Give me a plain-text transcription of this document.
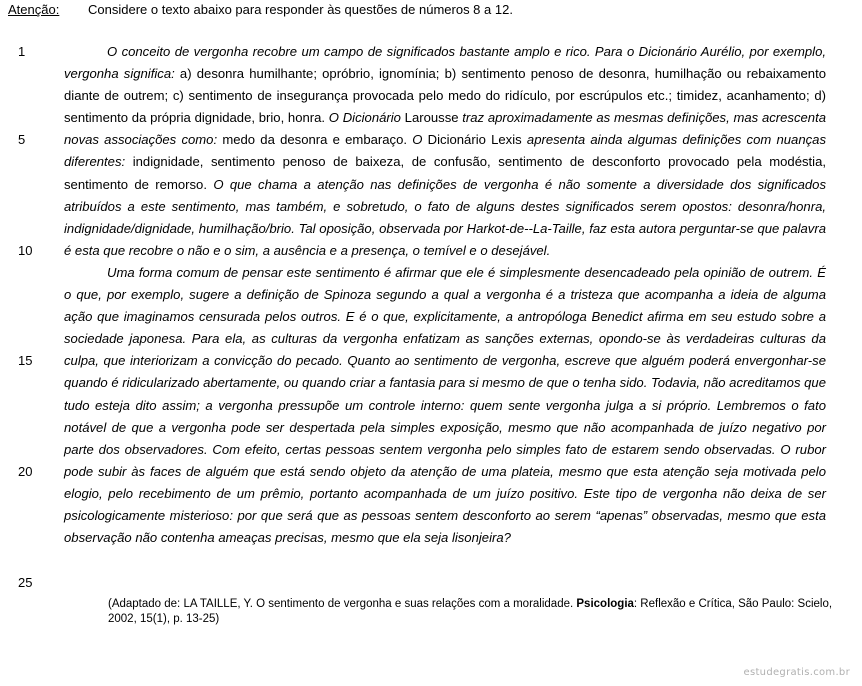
Atenção: Considere o texto abaixo para responder às questões de números 8 a 12.
1
5
10
15
20
25

O conceito de vergonha recobre um campo de significados bastante amplo e rico. Para o Dicionário Aurélio, por exemplo, vergonha significa: a) desonra humilhante; opróbrio, ignomínia; b) sentimento penoso de desonra, humilhação ou rebaixamento diante de outrem; c) sentimento de insegurança provocada pelo medo do ridículo, por escrúpulos etc.; timidez, acanhamento; d) sentimento da própria dignidade, brio, honra. O Dicionário Larousse traz aproximadamente as mesmas definições, mas acrescenta novas associações como: medo da desonra e embaraço. O Dicionário Lexis apresenta ainda algumas definições com nuanças diferentes: indignidade, sentimento penoso de baixeza, de confusão, sentimento de desconforto provocado pela modéstia, sentimento de remorso. O que chama a atenção nas definições de vergonha é não somente a diversidade dos significados atribuídos a este sentimento, mas também, e sobretudo, o fato de alguns destes significados serem opostos: desonra/honra, indignidade/dignidade, humilhação/brio. Tal oposição, observada por Harkot-de--La-Taille, faz esta autora perguntar-se que palavra é esta que recobre o não e o sim, a ausência e a presença, o temível e o desejável.

Uma forma comum de pensar este sentimento é afirmar que ele é simplesmente desencadeado pela opinião de outrem. É o que, por exemplo, sugere a definição de Spinoza segundo a qual a vergonha é a tristeza que acompanha a ideia de alguma ação que imaginamos censurada pelos outros. E é o que, explicitamente, a antropóloga Benedict afirma em seu estudo sobre a sociedade japonesa. Para ela, as culturas da vergonha enfatizam as sanções externas, opondo-se às verdadeiras culturas da culpa, que interiorizam a convicção do pecado. Quanto ao sentimento de vergonha, escreve que alguém poderá envergonhar-se quando é ridicularizado abertamente, ou quando criar a fantasia para si mesmo de que o tenha sido. Todavia, não acreditamos que tudo esteja dito assim; a vergonha pressupõe um controle interno: quem sente vergonha julga a si próprio. Lembremos o fato notável de que a vergonha pode ser despertada pela simples exposição, mesmo que não acompanhada de juízo negativo por parte dos observadores. Com efeito, certas pessoas sentem vergonha pelo simples fato de estarem sendo observadas. O rubor pode subir às faces de alguém que está sendo objeto da atenção de uma plateia, mesmo que esta atenção seja motivada pelo elogio, pelo recebimento de um prêmio, portanto acompanhada de um juízo positivo. Este tipo de vergonha não deixa de ser psicologicamente misterioso: por que será que as pessoas sentem desconforto ao serem “apenas” observadas, mesmo que esta observação não contenha ameaças precisas, mesmo que ela seja lisonjeira?

(Adaptado de: LA TAILLE, Y. O sentimento de vergonha e suas relações com a moralidade. Psicologia: Reflexão e Crítica, São Paulo: Scielo, 2002, 15(1), p. 13-25)
estudegratis.com.br
